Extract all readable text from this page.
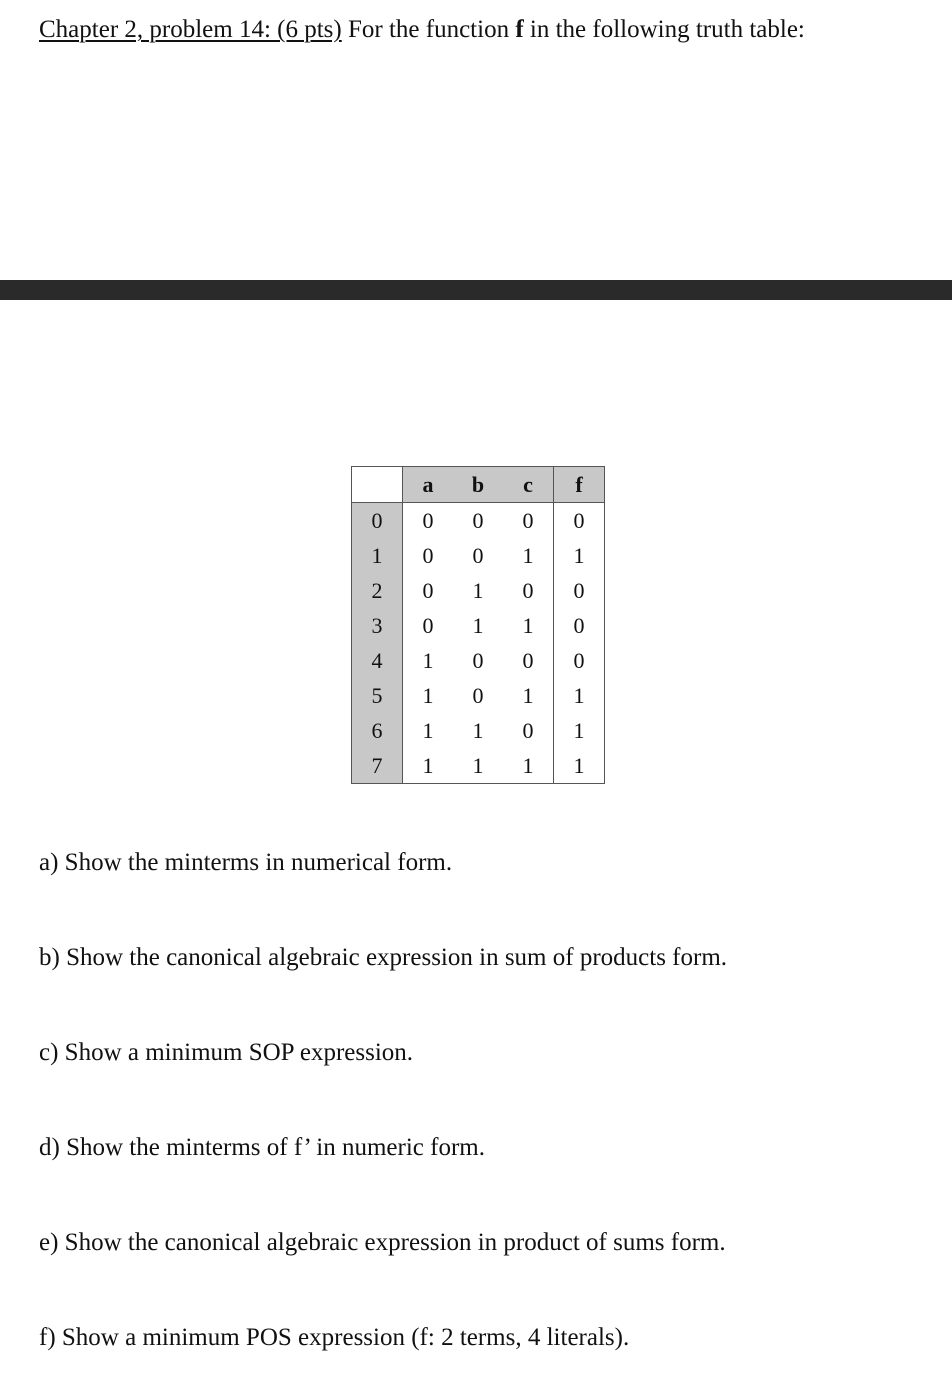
Chapter 2, problem 14: (6 pts) For the function f in the following truth table:
	a	b	c	f
0	0	0	0	0
1	0	0	1	1
2	0	1	0	0
3	0	1	1	0
4	1	0	0	0
5	1	0	1	1
6	1	1	0	1
7	1	1	1	1
a) Show the minterms in numerical form.
b) Show the canonical algebraic expression in sum of products form.
c) Show a minimum SOP expression.
d) Show the minterms of f’ in numeric form.
e) Show the canonical algebraic expression in product of sums form.
f) Show a minimum POS expression (f: 2 terms, 4 literals).
